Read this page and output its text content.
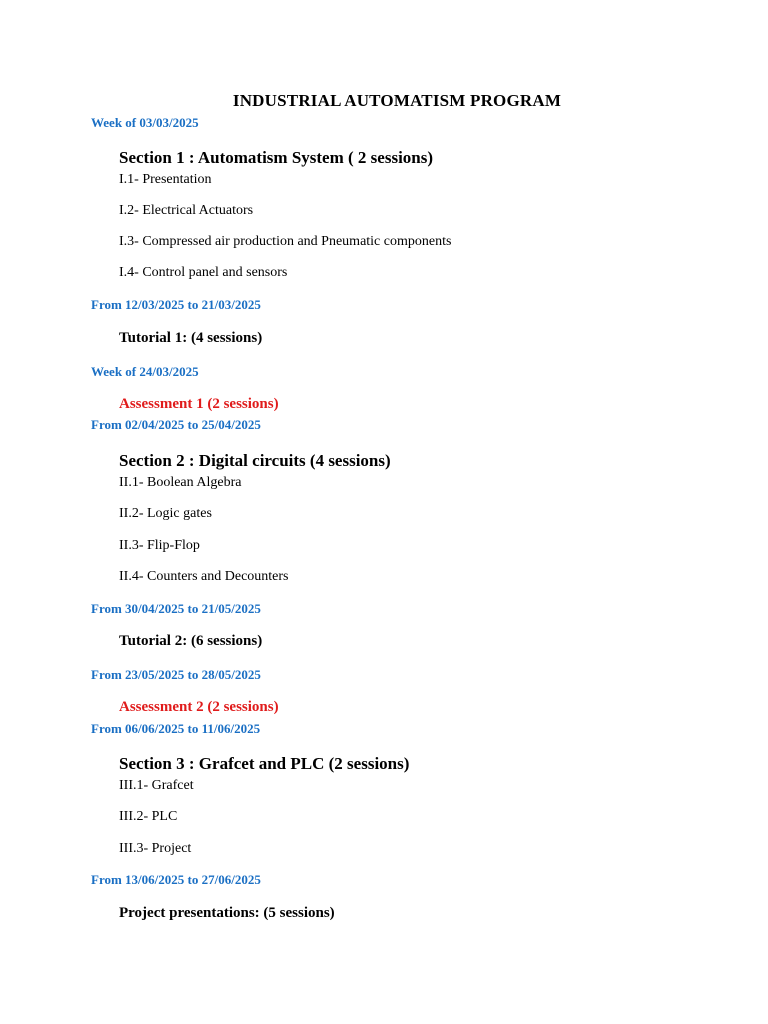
INDUSTRIAL AUTOMATISM PROGRAM
Week of 03/03/2025
Section 1 : Automatism System ( 2 sessions)
I.1- Presentation
I.2- Electrical Actuators
I.3- Compressed air production and Pneumatic components
I.4- Control panel and sensors
From 12/03/2025 to 21/03/2025
Tutorial 1: (4 sessions)
Week of 24/03/2025
Assessment 1 (2 sessions)
From 02/04/2025 to 25/04/2025
Section 2 : Digital circuits (4 sessions)
II.1- Boolean Algebra
II.2- Logic gates
II.3- Flip-Flop
II.4- Counters and Decounters
From 30/04/2025 to 21/05/2025
Tutorial 2: (6 sessions)
From 23/05/2025 to 28/05/2025
Assessment 2 (2 sessions)
From 06/06/2025 to 11/06/2025
Section 3 : Grafcet and PLC (2 sessions)
III.1- Grafcet
III.2- PLC
III.3- Project
From 13/06/2025 to 27/06/2025
Project presentations: (5 sessions)
